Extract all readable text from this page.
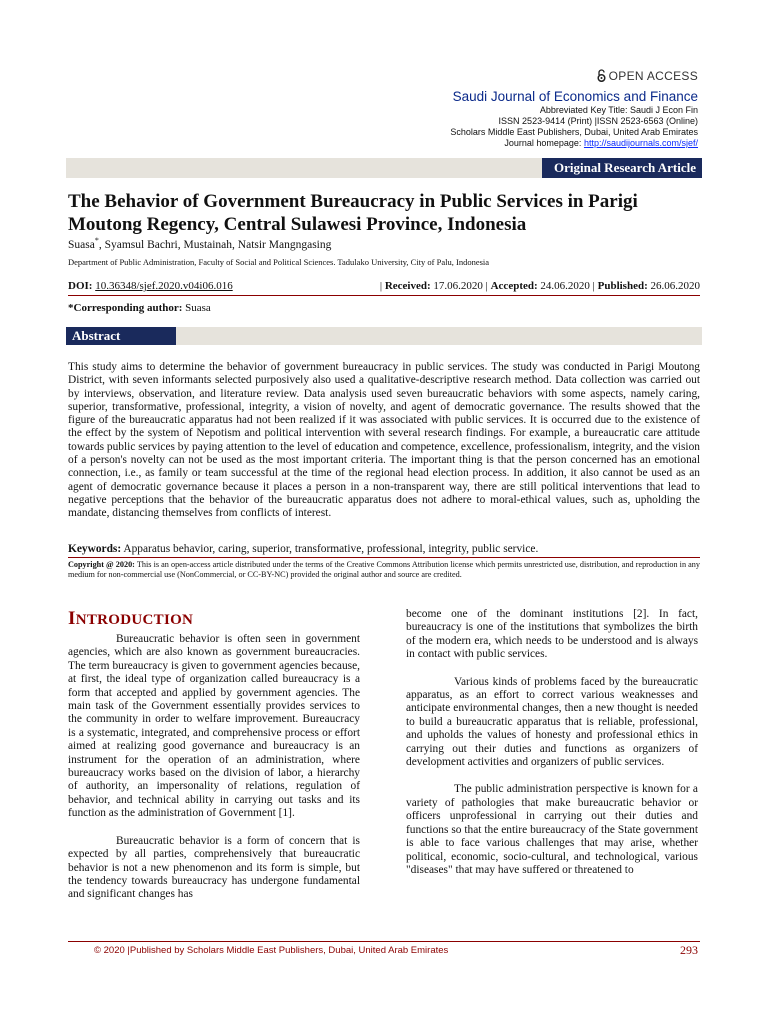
OPEN ACCESS
Saudi Journal of Economics and Finance
Abbreviated Key Title: Saudi J Econ Fin
ISSN 2523-9414 (Print) |ISSN 2523-6563 (Online)
Scholars Middle East Publishers, Dubai, United Arab Emirates
Journal homepage: http://saudijournals.com/sjef/
Original Research Article
The Behavior of Government Bureaucracy in Public Services in Parigi Moutong Regency, Central Sulawesi Province, Indonesia
Suasa*, Syamsul Bachri, Mustainah, Natsir Mangngasing
Department of Public Administration, Faculty of Social and Political Sciences. Tadulako University, City of Palu, Indonesia
DOI: 10.36348/sjef.2020.v04i06.016	| Received: 17.06.2020 | Accepted: 24.06.2020 | Published: 26.06.2020
*Corresponding author: Suasa
Abstract
This study aims to determine the behavior of government bureaucracy in public services. The study was conducted in Parigi Moutong District, with seven informants selected purposively also used a qualitative-descriptive research method. Data collection was carried out by interviews, observation, and literature review. Data analysis used seven bureaucratic behaviors with some aspects, namely caring, superior, transformative, professional, integrity, a vision of novelty, and agent of democratic governance. The results showed that the figure of the bureaucratic apparatus had not been realized if it was associated with public services. It is occurred due to the existence of the effect by the system of Nepotism and political intervention with several research findings. For example, a bureaucratic care attitude towards public services by paying attention to the level of education and competence, excellence, professionalism, integrity, and the vision of a person's novelty can not be used as the most important criteria. The important thing is that the person concerned has an emotional connection, i.e., as family or team successful at the time of the regional head election process. In addition, it also cannot be used as an agent of democratic governance because it places a person in a non-transparent way, there are still political interventions that lead to negative perceptions that the behavior of the bureaucratic apparatus does not adhere to moral-ethical values, such as, upholding the mandate, distancing themselves from conflicts of interest.
Keywords: Apparatus behavior, caring, superior, transformative, professional, integrity, public service.
Copyright @ 2020: This is an open-access article distributed under the terms of the Creative Commons Attribution license which permits unrestricted use, distribution, and reproduction in any medium for non-commercial use (NonCommercial, or CC-BY-NC) provided the original author and source are credited.
INTRODUCTION

Bureaucratic behavior is often seen in government agencies, which are also known as government bureaucracies. The term bureaucracy is given to government agencies because, at first, the ideal type of organization called bureaucracy is a form that accepted and applied by government agencies. The main task of the Government essentially provides services to the community in order to welfare improvement. Bureaucracy is a systematic, integrated, and comprehensive process or effort aimed at realizing good governance and bureaucracy is an instrument for the operation of an administration, where bureaucracy works based on the division of labor, a hierarchy of authority, an impersonality of relations, regulation of behavior, and technical ability in carrying out tasks and its function as the administration of Government [1].

Bureaucratic behavior is a form of concern that is expected by all parties, comprehensively that bureaucratic behavior is not a new phenomenon and its form is simple, but the tendency towards bureaucracy has undergone fundamental and significant changes has

become one of the dominant institutions [2]. In fact, bureaucracy is one of the institutions that symbolizes the birth of the modern era, which needs to be understood and is always in contact with public services.

Various kinds of problems faced by the bureaucratic apparatus, as an effort to correct various weaknesses and anticipate environmental changes, then a new thought is needed to build a bureaucratic apparatus that is reliable, professional, and upholds the values of honesty and professional ethics in carrying out their duties and functions as organizers of development activities and organizers of public services.

The public administration perspective is known for a variety of pathologies that make bureaucratic behavior or officers unprofessional in carrying out their duties and functions so that the entire bureaucracy of the State government is able to face various challenges that may arise, whether political, economic, socio-cultural, and technological, various "diseases" that may have suffered or threatened to

© 2020 |Published by Scholars Middle East Publishers, Dubai, United Arab Emirates	293
